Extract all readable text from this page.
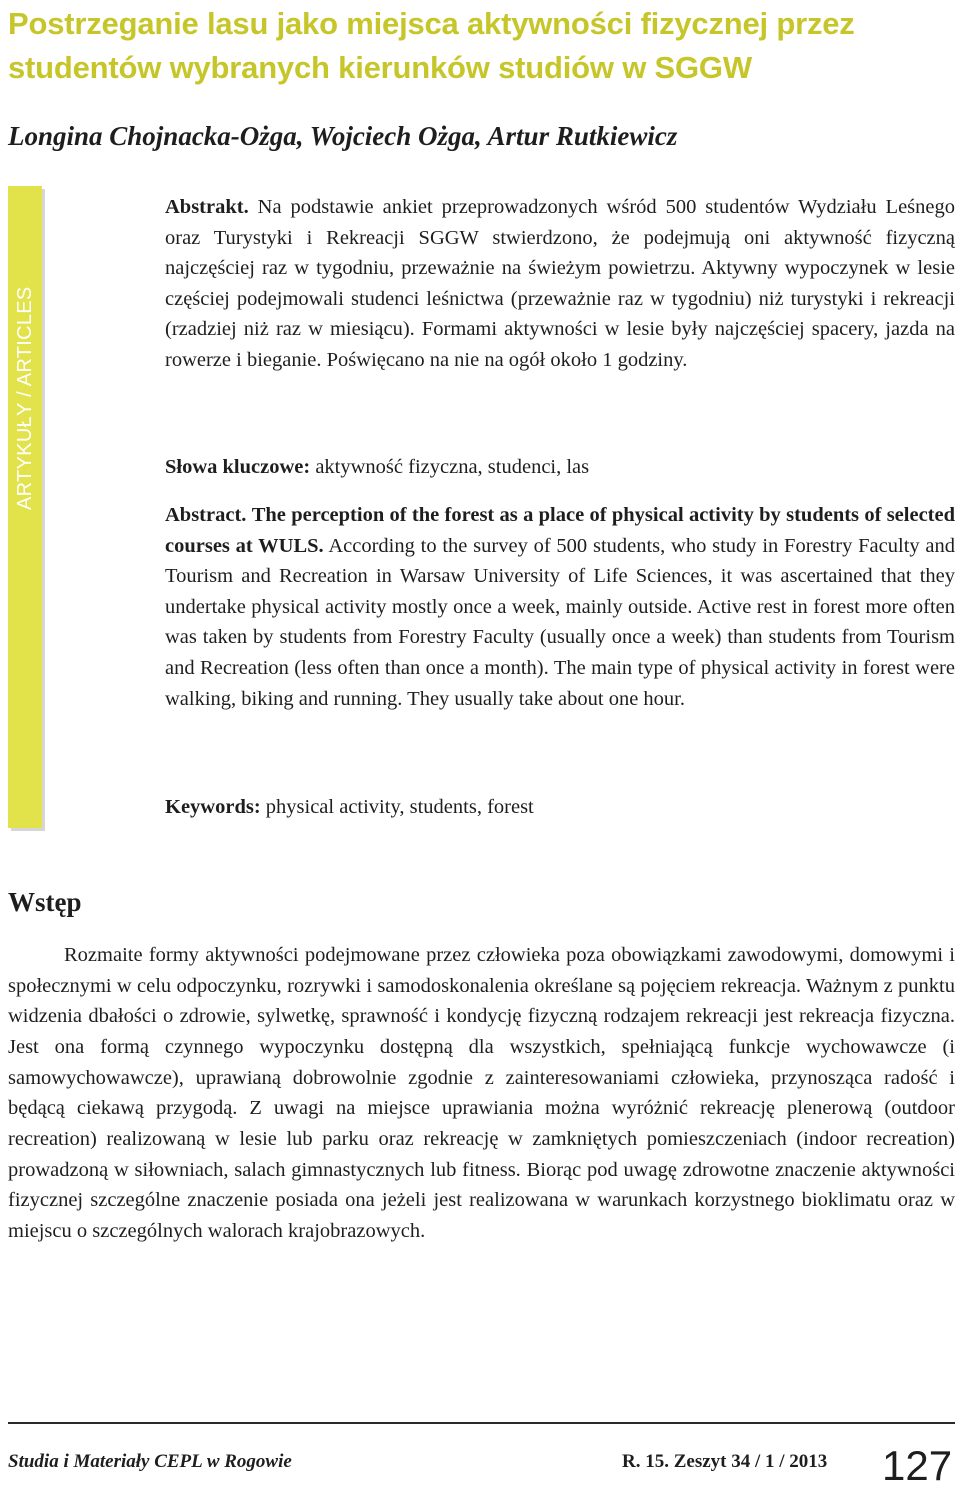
Postrzeganie lasu jako miejsca aktywności fizycznej przez studentów wybranych kierunków studiów w SGGW

Longina Chojnacka-Ożga, Wojciech Ożga, Artur Rutkiewicz

ARTYKUŁY / ARTICLES

Abstrakt. Na podstawie ankiet przeprowadzonych wśród 500 studentów Wydziału Leśnego oraz Turystyki i Rekreacji SGGW stwierdzono, że podejmują oni aktywność fizyczną najczęściej raz w tygodniu, przeważnie na świeżym powietrzu. Aktywny wypoczynek w lesie częściej podejmowali studenci leśnictwa (przeważnie raz w tygodniu) niż turystyki i rekreacji (rzadziej niż raz w miesiącu). Formami aktywności w lesie były najczęściej spacery, jazda na rowerze i bieganie. Poświęcano na nie na ogół około 1 godziny.

Słowa kluczowe: aktywność fizyczna, studenci, las

Abstract. The perception of the forest as a place of physical activity by students of selected courses at WULS. According to the survey of 500 students, who study in Forestry Faculty and Tourism and Recreation in Warsaw University of Life Sciences, it was ascertained that they undertake physical activity mostly once a week, mainly outside. Active rest in forest more often was taken by students from Forestry Faculty (usually once a week) than students from Tourism and Recreation (less often than once a month). The main type of physical activity in forest were walking, biking and running. They usually take about one hour.

Keywords: physical activity, students, forest

Wstęp

Rozmaite formy aktywności podejmowane przez człowieka poza obowiązkami zawodowymi, domowymi i społecznymi w celu odpoczynku, rozrywki i samodoskonalenia określane są pojęciem rekreacja. Ważnym z punktu widzenia dbałości o zdrowie, sylwetkę, sprawność i kondycję fizyczną rodzajem rekreacji jest rekreacja fizyczna. Jest ona formą czynnego wypoczynku dostępną dla wszystkich, spełniającą funkcje wychowawcze (i samowychowawcze), uprawianą dobrowolnie zgodnie z zainteresowaniami człowieka, przynosząca radość i będącą ciekawą przygodą. Z uwagi na miejsce uprawiania można wyróżnić rekreację plenerową (outdoor recreation) realizowaną w lesie lub parku oraz rekreację w zamkniętych pomieszczeniach (indoor recreation) prowadzoną w siłowniach, salach gimnastycznych lub fitness. Biorąc pod uwagę zdrowotne znaczenie aktywności fizycznej szczególne znaczenie posiada ona jeżeli jest realizowana w warunkach korzystnego bioklimatu oraz w miejscu o szczególnych walorach krajobrazowych.

Studia i Materiały CEPL w Rogowie	R. 15. Zeszyt 34 / 1 / 2013 127
